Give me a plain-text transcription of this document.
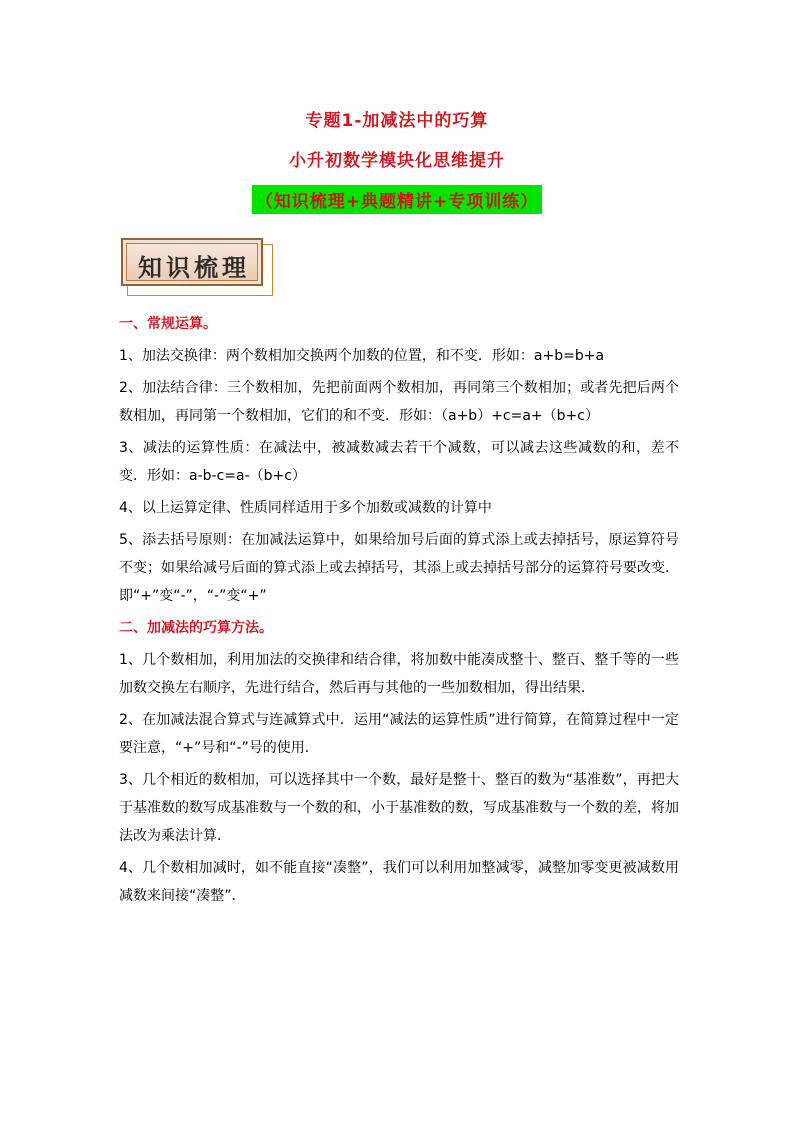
专题1-加减法中的巧算
小升初数学模块化思维提升
（知识梳理+典题精讲+专项训练）
知识梳理

一、常规运算。

1、加法交换律：两个数相加交换两个加数的位置，和不变．形如：a+b=b+a

2、加法结合律：三个数相加，先把前面两个数相加，再同第三个数相加；或者先把后两个数相加，再同第一个数相加，它们的和不变．形如：（a+b）+c=a+（b+c）

3、减法的运算性质：在减法中，被减数减去若干个减数，可以减去这些减数的和，差不变．形如：a-b-c=a-（b+c）

4、以上运算定律、性质同样适用于多个加数或减数的计算中

5、添去括号原则：在加减法运算中，如果给加号后面的算式添上或去掉括号，原运算符号不变；如果给减号后面的算式添上或去掉括号，其添上或去掉括号部分的运算符号要改变．即“+”变“-”，“-”变“+”

二、加减法的巧算方法。

1、几个数相加，利用加法的交换律和结合律，将加数中能凑成整十、整百、整千等的一些加数交换左右顺序，先进行结合，然后再与其他的一些加数相加，得出结果．

2、在加减法混合算式与连减算式中．运用“减法的运算性质”进行简算，在简算过程中一定要注意，“+”号和“-”号的使用．

3、几个相近的数相加，可以选择其中一个数，最好是整十、整百的数为“基准数”，再把大于基准数的数写成基准数与一个数的和，小于基准数的数，写成基准数与一个数的差，将加法改为乘法计算．

4、几个数相加减时，如不能直接“凑整”，我们可以利用加整减零，减整加零变更被减数用减数来间接“凑整”．
